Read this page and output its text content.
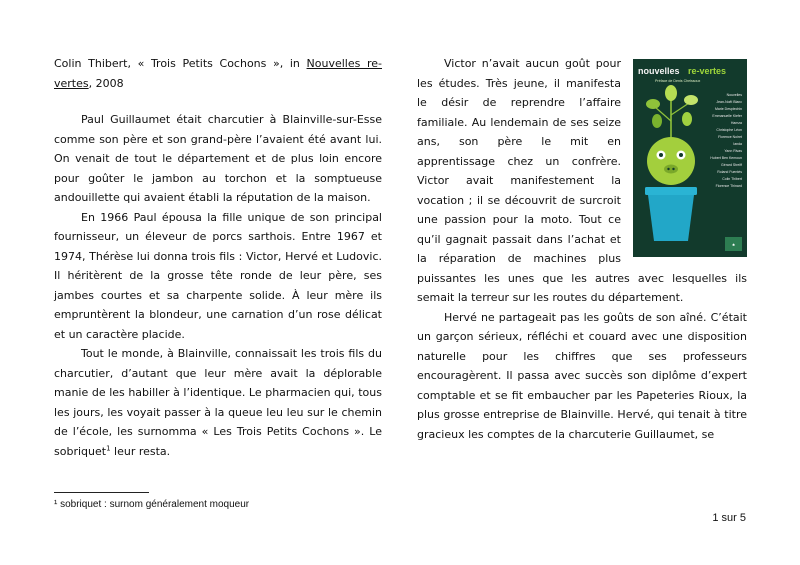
Colin Thibert, « Trois Petits Cochons », in Nouvelles re-vertes, 2008

Paul Guillaumet était charcutier à Blainville-sur-Esse comme son père et son grand-père l’avaient été avant lui. On venait de tout le département et de plus loin encore pour goûter le jambon au torchon et la somptueuse andouillette qui avaient établi la réputation de la maison.

En 1966 Paul épousa la fille unique de son principal fournisseur, un éleveur de porcs sarthois. Entre 1967 et 1974, Thérèse lui donna trois fils : Victor, Hervé et Ludovic. Il héritèrent de la grosse tête ronde de leur père, ses jambes courtes et sa charpente solide. À leur mère ils empruntèrent la blondeur, une carnation d’un rose délicat et un caractère placide.

Tout le monde, à Blainville, connaissait les trois fils du charcutier, d’autant que leur mère avait la déplorable manie de les habiller à l’identique. Le pharmacien qui, tous les jours, les voyait passer à la queue leu leu sur le chemin de l’école, les surnomma « Les Trois Petits Cochons ». Le sobriquet$^1$ leur resta.

nouvelles re-vertes
Préface de Denis Cheissoux
Nouvelles
Jean-Noël Blanc
Marie Desplechin
Emmanuelle Kiefer
Hamza
Christophe Léon
Florence Noiret
Ianda
Yann Rivas
Hubert Ben Kemoun
Gérard Streiff
Roland Fuentès
Colin Thibert
Florence Thinard
♣

Victor n’avait aucun goût pour les études. Très jeune, il manifesta le désir de reprendre l’affaire familiale. Au lendemain de ses seize ans, son père le mit en apprentissage chez un confrère. Victor avait manifestement la vocation ; il se découvrit de surcroit une passion pour la moto. Tout ce qu’il gagnait passait dans l’achat et la réparation de machines plus puissantes les unes que les autres avec lesquelles ils semait la terreur sur les routes du département.

Hervé ne partageait pas les goûts de son aîné. C’était un garçon sérieux, réfléchi et couard avec une disposition naturelle pour les chiffres que ses professeurs encouragèrent. Il passa avec succès son diplôme d’expert comptable et se fit embaucher par les Papeteries Rioux, la plus grosse entreprise de Blainville. Hervé, qui tenait à titre gracieux les comptes de la charcuterie Guillaumet, se

¹ sobriquet : surnom généralement moqueur
1 sur 5
